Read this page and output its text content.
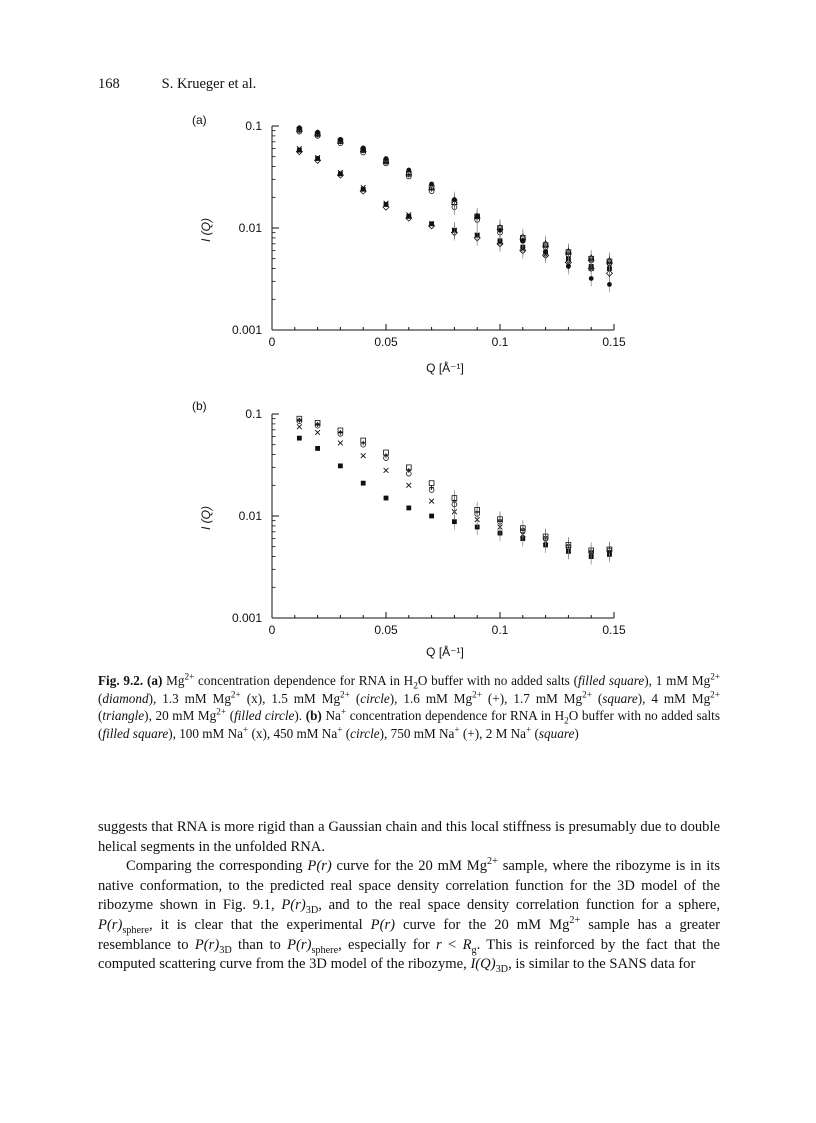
168	S. Krueger et al.
(a)
I (Q)
Q [Å⁻¹]
0.1
0.01
0.001
0	0.05	0.1	0.15
(b)
I (Q)
Q [Å⁻¹]
0.1
0.01
0.001
0	0.05	0.1	0.15
Fig. 9.2. (a) $Mg^{2+}$ concentration dependence for RNA in $H_2O$ buffer with no added salts (filled square), 1 mM $Mg^{2+}$ (diamond), 1.3 mM $Mg^{2+}$ (x), 1.5 mM $Mg^{2+}$ (circle), 1.6 mM $Mg^{2+}$ (+), 1.7 mM $Mg^{2+}$ (square), 4 mM $Mg^{2+}$ (triangle), 20 mM $Mg^{2+}$ (filled circle). (b) Na+ concentration dependence for RNA in $H_2O$ buffer with no added salts (filled square), 100 mM Na+ (x), 450 mM Na+ (circle), 750 mM Na+ (+), 2 M Na+ (square)

suggests that RNA is more rigid than a Gaussian chain and this local stiffness is presumably due to double helical segments in the unfolded RNA.

Comparing the corresponding P(r) curve for the 20 mM $Mg^{2+}$ sample, where the ribozyme is in its native conformation, to the predicted real space density correlation function for the 3D model of the ribozyme shown in Fig. 9.1, $P(r)_{3D}$, and to the real space density correlation function for a sphere, $P(r)_{sphere}$, it is clear that the experimental P(r) curve for the 20 mM $Mg^{2+}$ sample has a greater resemblance to $P(r)_{3D}$ than to $P(r)_{sphere}$, especially for $r < R_g$. This is reinforced by the fact that the computed scattering curve from the 3D model of the ribozyme, $I(Q)_{3D}$, is similar to the SANS data for
